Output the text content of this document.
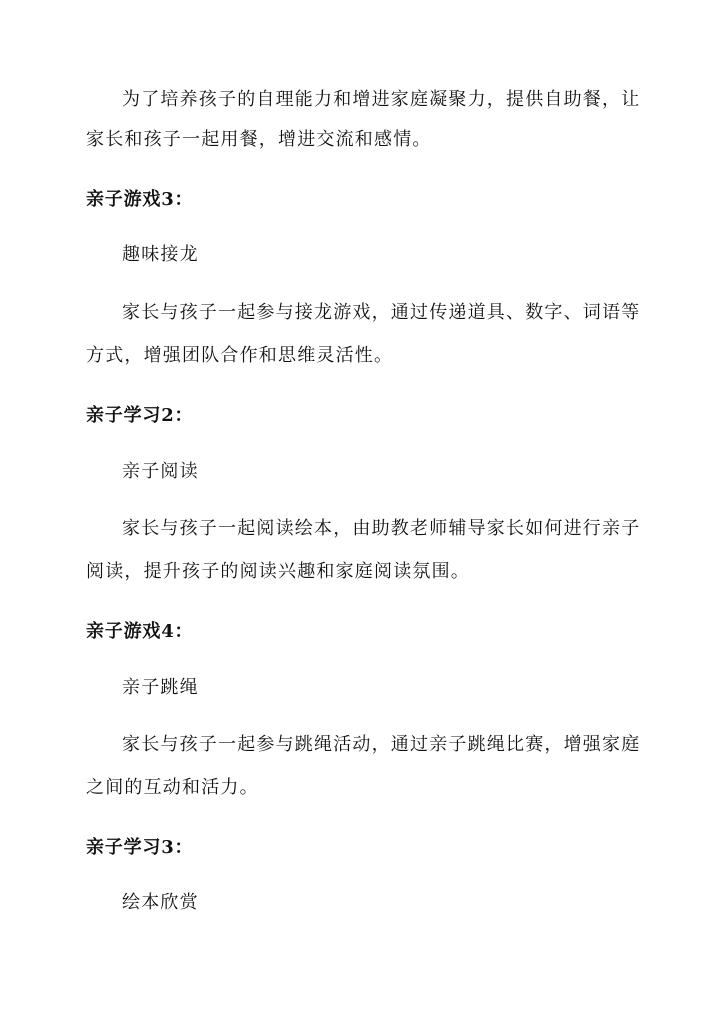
为了培养孩子的自理能力和增进家庭凝聚力，提供自助餐，让
家长和孩子一起用餐，增进交流和感情。
亲子游戏3：
趣味接龙
家长与孩子一起参与接龙游戏，通过传递道具、数字、词语等
方式，增强团队合作和思维灵活性。
亲子学习2：
亲子阅读
家长与孩子一起阅读绘本，由助教老师辅导家长如何进行亲子
阅读，提升孩子的阅读兴趣和家庭阅读氛围。
亲子游戏4：
亲子跳绳
家长与孩子一起参与跳绳活动，通过亲子跳绳比赛，增强家庭
之间的互动和活力。
亲子学习3：
绘本欣赏
